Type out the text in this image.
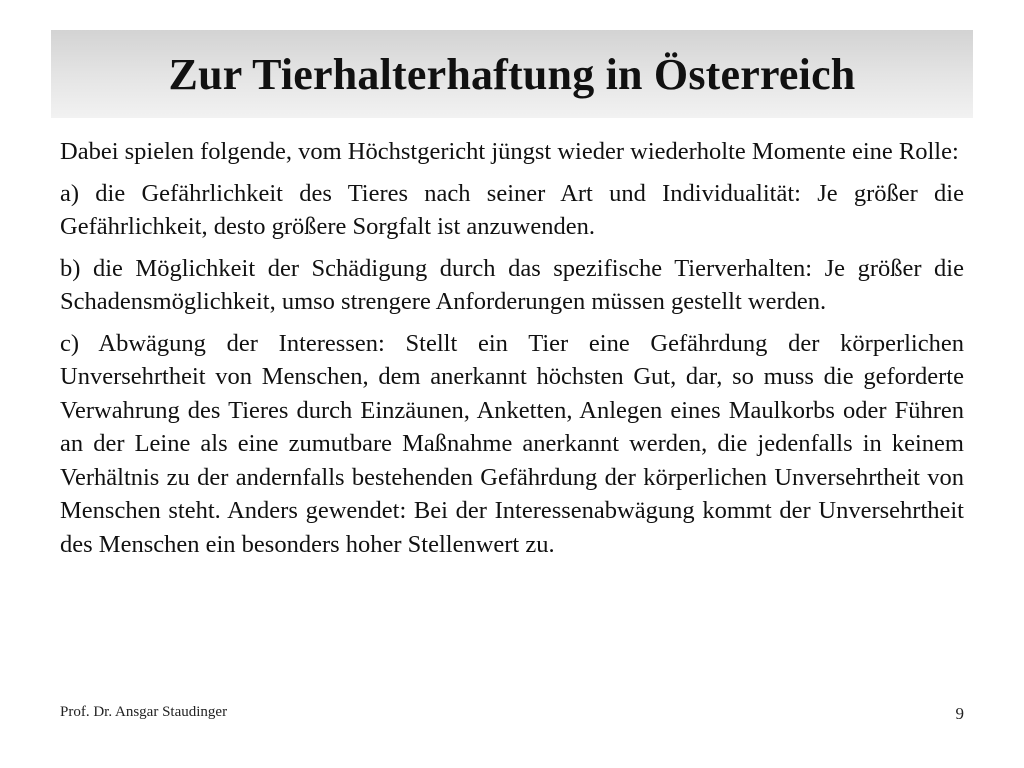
Zur Tierhalterhaftung in Österreich

Dabei spielen folgende, vom Höchstgericht jüngst wieder wiederholte Momente eine Rolle:

a) die Gefährlichkeit des Tieres nach seiner Art und Individualität: Je größer die Gefährlichkeit, desto größere Sorgfalt ist anzuwenden.

b) die Möglichkeit der Schädigung durch das spezifische Tierverhalten: Je größer die Schadensmöglichkeit, umso strengere Anforderungen müssen gestellt werden.

c) Abwägung der Interessen: Stellt ein Tier eine Gefährdung der körperlichen Unversehrtheit von Menschen, dem anerkannt höchsten Gut, dar, so muss die geforderte Verwahrung des Tieres durch Einzäunen, Anketten, Anlegen eines Maulkorbs oder Führen an der Leine als eine zumutbare Maßnahme anerkannt werden, die jedenfalls in keinem Verhältnis zu der andernfalls bestehenden Gefährdung der körperlichen Unversehrtheit von Menschen steht. Anders gewendet: Bei der Interessenabwägung kommt der Unversehrtheit des Menschen ein besonders hoher Stellenwert zu.

Prof. Dr. Ansgar Staudinger	9
